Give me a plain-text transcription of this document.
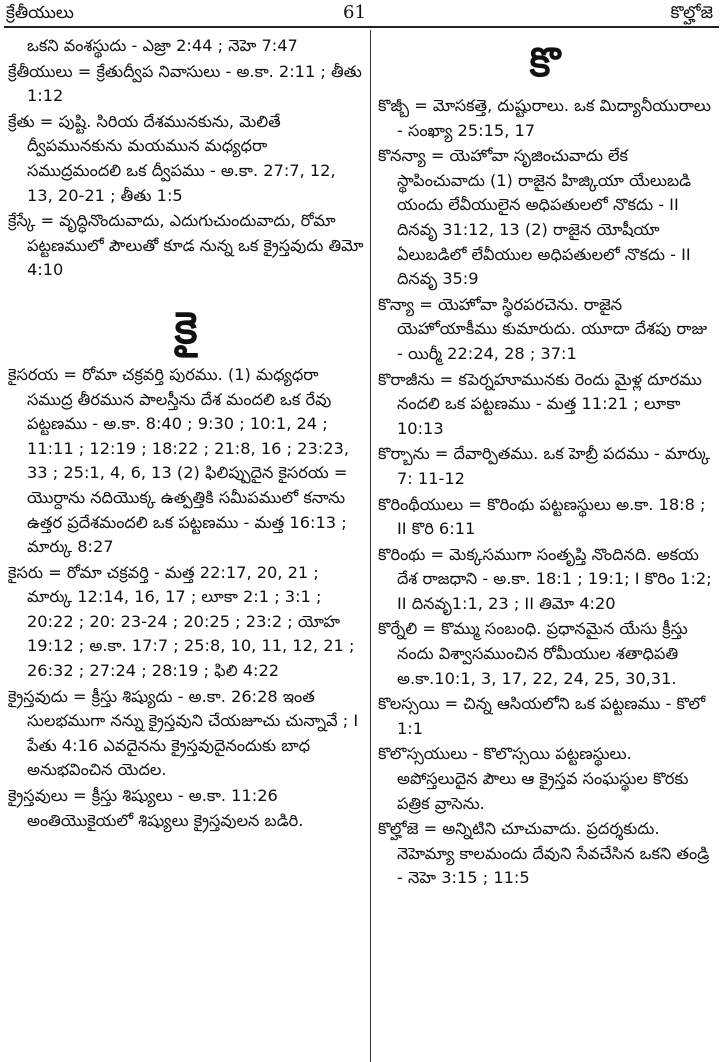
క్రేతీయులు	61	కొల్హోజె
ఒకని వంశస్థుదు - ఎజ్రా 2:44 ; నెహె 7:47
క్రేతీయులు = క్రేతుద్వీప నివాసులు - అ.కా. 2:11 ; తీతు 1:12
క్రేతు = పుష్టి. సిరియ దేశమునకును, మెలితే ద్వీపమునకును మయమున మధ్యధరా సముద్రమందలి ఒక ద్వీపము - అ.కా. 27:7, 12, 13, 20-21 ; తీతు 1:5
క్రేస్కే = వృద్ధినొందువాదు, ఎదుగుచుందువాదు, రోమా పట్టణములో పౌలుతో కూడ నున్న ఒక క్రైస్తవుదు తిమో 4:10
కై
కైసరయ = రోమా చక్రవర్తి పురము. (1) మధ్యధరా సముద్ర తీరమున పాలస్తీను దేశ మందలి ఒక రేవు పట్టణము - అ.కా. 8:40 ; 9:30 ; 10:1, 24 ; 11:11 ; 12:19 ; 18:22 ; 21:8, 16 ; 23:23, 33 ; 25:1, 4, 6, 13 (2) ఫిలిప్పుదైన కైసరయ = యొర్దాను నదియొక్క ఉత్పత్తికి సమీపములో కనాను ఉత్తర ప్రదేశమందలి ఒక పట్టణము - మత్త 16:13 ; మార్కు 8:27
కైసరు = రోమా చక్రవర్తి - మత్త 22:17, 20, 21 ; మార్కు 12:14, 16, 17 ; లూకా 2:1 ; 3:1 ; 20:22 ; 20: 23-24 ; 20:25 ; 23:2 ; యోహ 19:12 ; అ.కా. 17:7 ; 25:8, 10, 11, 12, 21 ; 26:32 ; 27:24 ; 28:19 ; ఫిలి 4:22
క్రైస్తవుదు = క్రీస్తు శిష్యుదు - అ.కా. 26:28 ఇంత సులభముగా నన్ను క్రైస్తవుని చేయజూచు చున్నావే ; I పేతు 4:16 ఎవదైనను క్రైస్తవుదైనందుకు బాధ అనుభవించిన యెదల.
క్రైస్తవులు = క్రీస్తు శిష్యులు - అ.కా. 11:26 అంతియొకైయలో శిష్యులు క్రైస్తవులన బడిరి.
కొ
కొజ్బీ = మోసకత్తె, దుష్టురాలు. ఒక మిద్యానీయురాలు - సంఖ్యా 25:15, 17
కొనన్యా = యెహోవా సృజించువాదు లేక స్థాపించువాదు (1) రాజైన హిజ్కియా యేలుబడి యందు లేవీయులైన అధిపతులలో నొకదు - II దినవృ 31:12, 13 (2) రాజైన యోషీయా ఏలుబడిలో లేవీయుల అధిపతులలో నొకదు - II దినవృ 35:9
కొన్యా = యెహోవా స్థిరపరచెను. రాజైన యెహోయాకీము కుమారుదు. యూదా దేశపు రాజు - యిర్మీ 22:24, 28 ; 37:1
కొరాజీను = కపెర్నహూమునకు రెందు మైళ్ల దూరము నందలి ఒక పట్టణము - మత్త 11:21 ; లూకా 10:13
కొర్బాను = దేవార్పితము. ఒక హెబ్రీ పదము - మార్కు 7: 11-12
కొరింథీయులు = కొరింథు పట్టణస్థులు అ.కా. 18:8 ; II కొరి 6:11
కొరింథు = మెక్కసముగా సంతృప్తి నొందినది. అకయ దేశ రాజధాని - అ.కా. 18:1 ; 19:1; I కొరిం 1:2; II దినవృ1:1, 23 ; II తిమో 4:20
కొర్నేలి = కొమ్ము సంబంధి. ప్రధానమైన యేసు క్రీస్తు నందు విశ్వాసముంచిన రోమీయుల శతాధిపతి అ.కా.10:1, 3, 17, 22, 24, 25, 30,31.
కొలస్సయి = చిన్న ఆసియలోని ఒక పట్టణము - కొలో 1:1
కొలొస్సయులు - కొలొస్సయి పట్టణస్థులు. అపోస్తలుదైన పౌలు ఆ క్రైస్తవ సంఘస్థుల కొరకు పత్రిక వ్రాసెను.
కొల్హోజె = అన్నిటిని చూచువాదు. ప్రదర్శకుదు. నెహెమ్యా కాలమందు దేవుని సేవచేసిన ఒకని తండ్రి - నెహె 3:15 ; 11:5
